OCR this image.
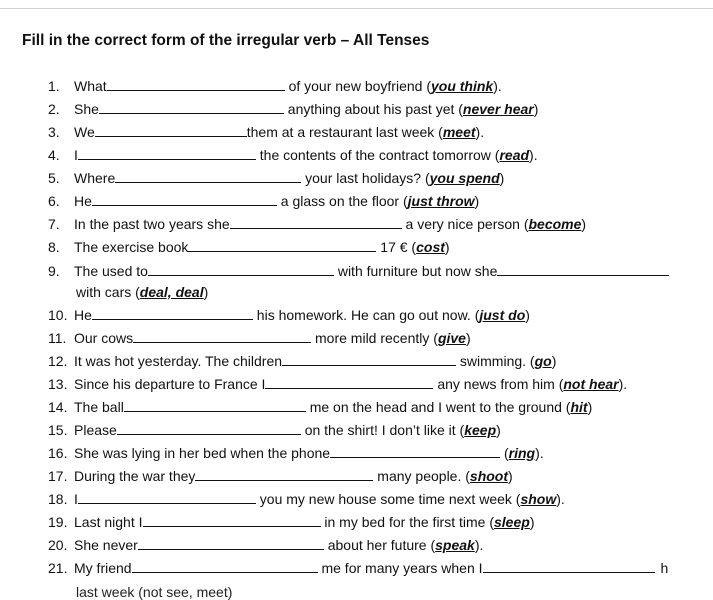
Fill in the correct form of the irregular verb – All Tenses
1. What	of your new boyfriend (you think).
2. She	anything about his past yet (never hear)
3. We	them at a restaurant last week (meet).
4. I	the contents of the contract tomorrow (read).
5. Where	your last holidays? (you spend)
6. He	a glass on the floor (just throw)
7. In the past two years she	a very nice person (become)
8. The exercise book	17 € (cost)
9. The used to	with furniture but now she
with cars (deal, deal)
10. He	his homework. He can go out now. (just do)
11. Our cows	more mild recently (give)
12. It was hot yesterday. The children	swimming. (go)
13. Since his departure to France I	any news from him (not hear).
14. The ball	me on the head and I went to the ground (hit)
15. Please	on the shirt! I don’t like it (keep)
16. She was lying in her bed when the phone	(ring).
17. During the war they	many people. (shoot)
18. I	you my new house some time next week (show).
19. Last night I	in my bed for the first time (sleep)
20. She never	about her future (speak).
21. My friend	me for many years when I	h
last week (not see, meet)
